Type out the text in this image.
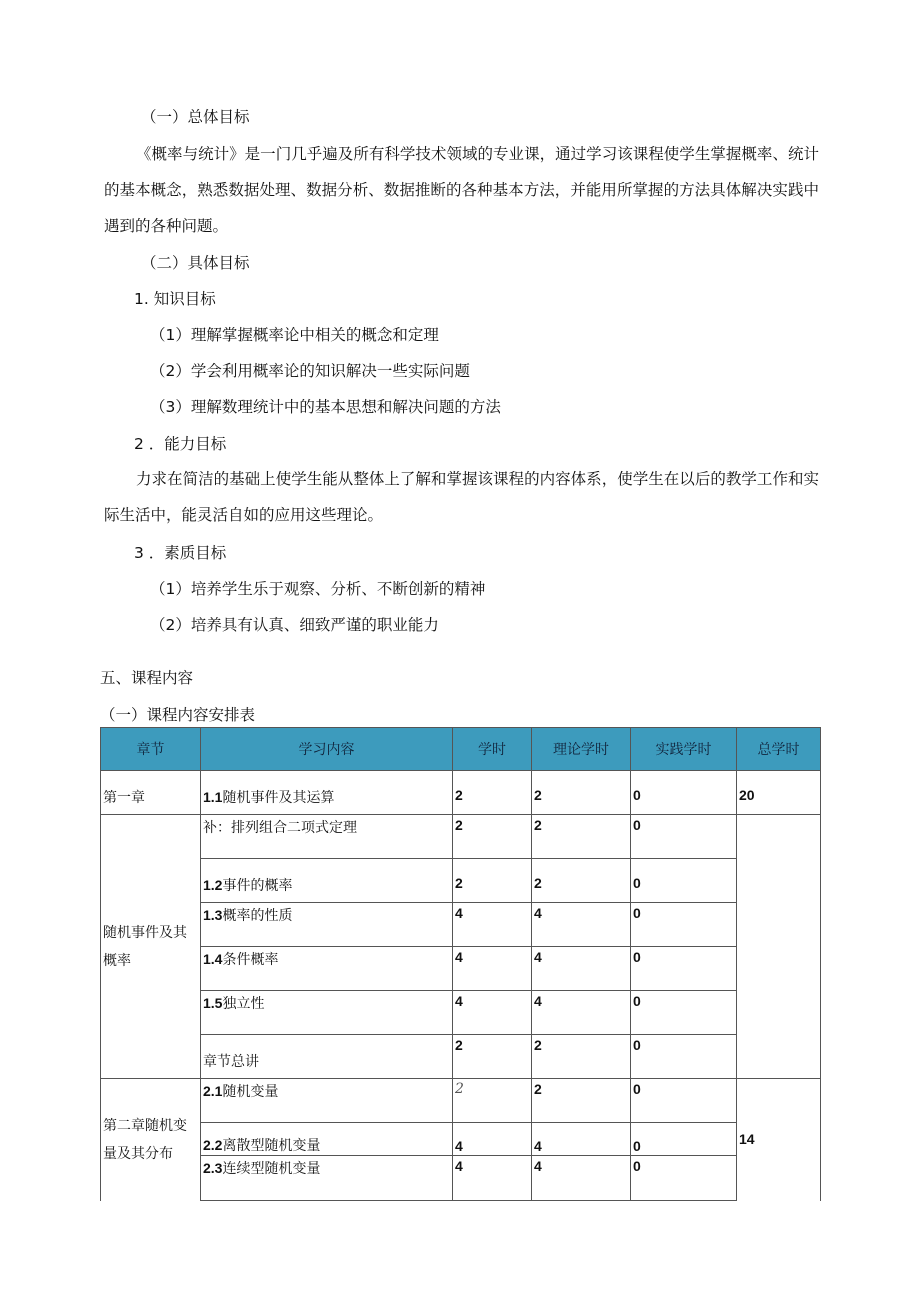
（一）总体目标
《概率与统计》是一门几乎遍及所有科学技术领域的专业课，通过学习该课程使学生掌握概率、统计的基本概念，熟悉数据处理、数据分析、数据推断的各种基本方法，并能用所掌握的方法具体解决实践中遇到的各种问题。
（二）具体目标
1. 知识目标
（1）理解掌握概率论中相关的概念和定理
（2）学会利用概率论的知识解决一些实际问题
（3）理解数理统计中的基本思想和解决问题的方法
2 ．能力目标
力求在简洁的基础上使学生能从整体上了解和掌握该课程的内容体系，使学生在以后的教学工作和实际生活中，能灵活自如的应用这些理论。
3 ．素质目标
（1）培养学生乐于观察、分析、不断创新的精神
（2）培养具有认真、细致严谨的职业能力
五、课程内容
（一）课程内容安排表
章节	学习内容	学时	理论学时	实践学时	总学时

第一章	1.1随机事件及其运算	2	2	0	20

随机事件及其概率	补：排列组合二项式定理	2	2	0	

	1.2事件的概率	2	2	0	

	1.3概率的性质	4	4	0	

	1.4条件概率	4	4	0	

	1.5独立性	4	4	0	

	章节总讲	2	2	0	

第二章随机变量及其分布	2.1随机变量	2	2	0	14
	2.2离散型随机变量	4	4	0	

	2.3连续型随机变量	4	4	0	
